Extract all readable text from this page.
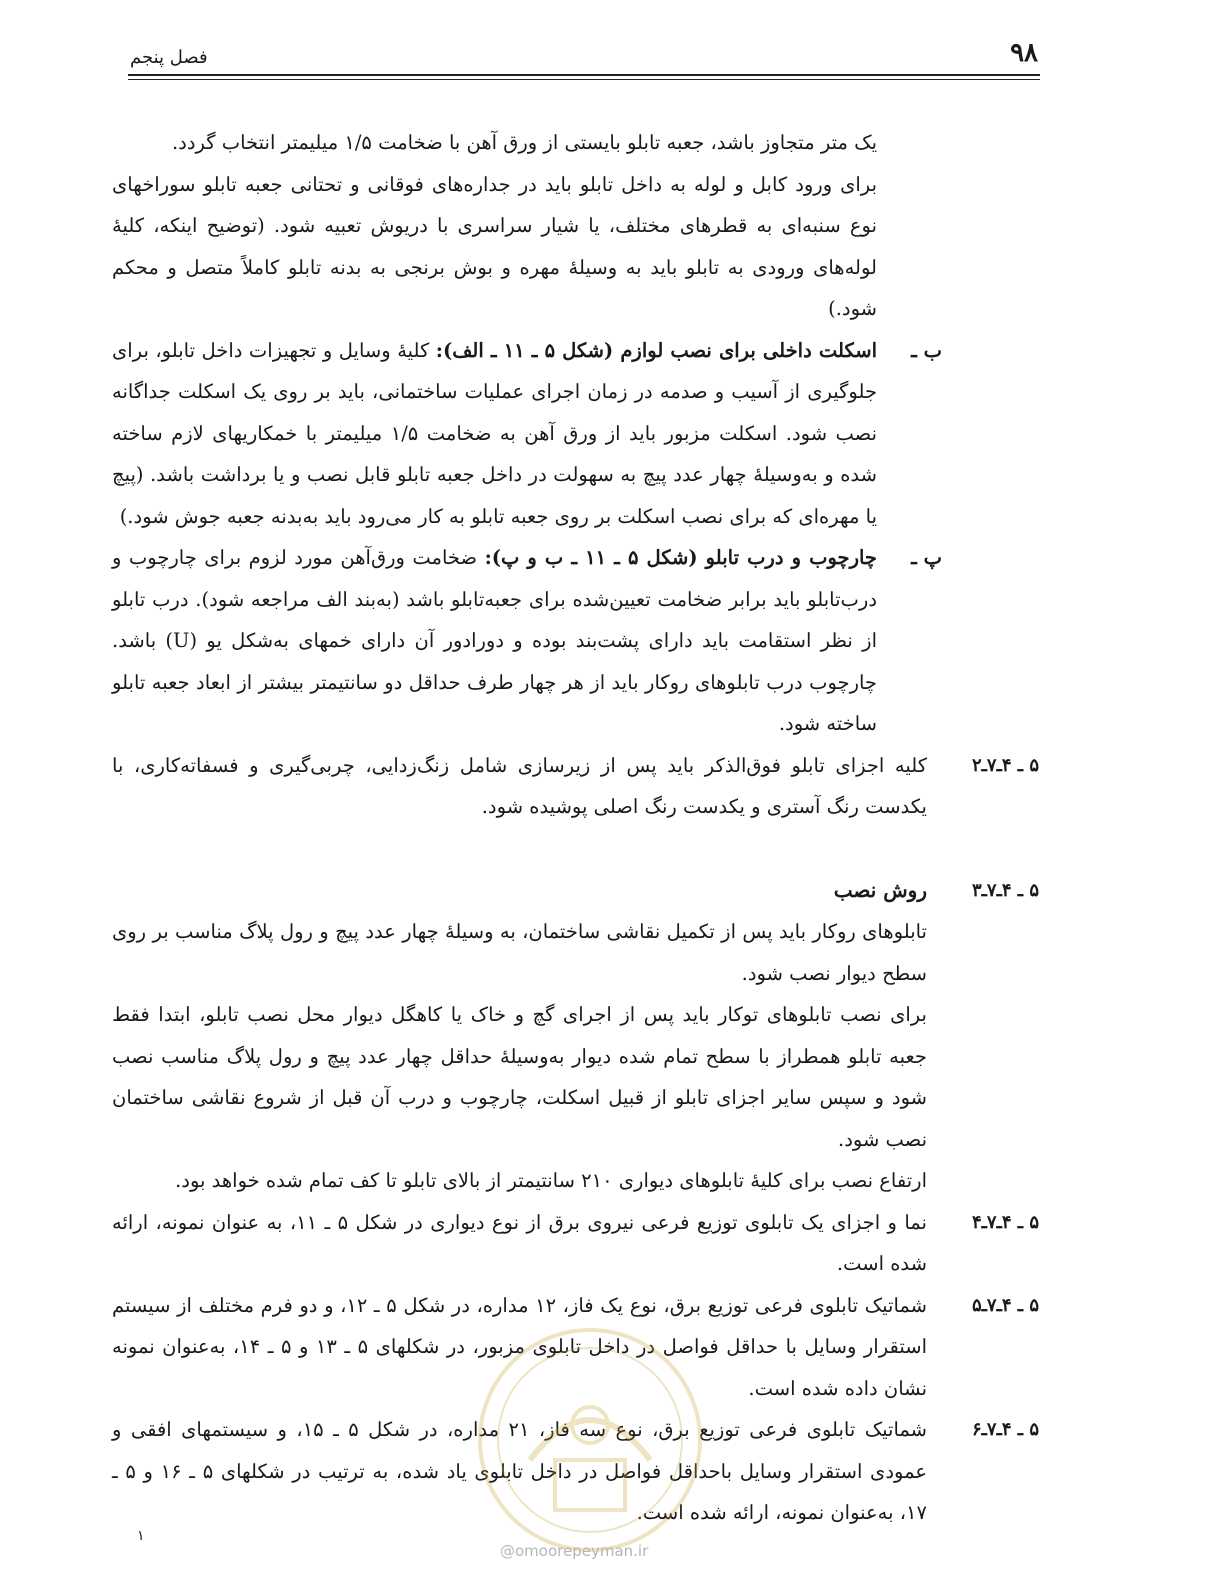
۹۸
فصل پنجم

یک متر متجاوز باشد، جعبه تابلو بایستی از ورق آهن با ضخامت ۱/۵ میلیمتر انتخاب گردد.

برای ورود کابل و لوله به داخل تابلو باید در جداره‌های فوقانی و تحتانی جعبه تابلو سوراخهای نوع سنبه‌ای به قطرهای مختلف، یا شیار سراسری با دریوش تعبیه شود. (توضیح اینکه، کلیهٔ لوله‌های ورودی به تابلو باید به وسیلهٔ مهره و بوش برنجی به بدنه تابلو کاملاً متصل و محکم شود.)

ب ـ

اسکلت داخلی برای نصب لوازم (شکل ۵ ـ ۱۱ ـ الف): کلیهٔ وسایل و تجهیزات داخل تابلو، برای جلوگیری از آسیب و صدمه در زمان اجرای عملیات ساختمانی، باید بر روی یک اسکلت جداگانه نصب شود. اسکلت مزبور باید از ورق آهن به ضخامت ۱/۵ میلیمتر با خمکاریهای لازم ساخته شده و به‌وسیلهٔ چهار عدد پیچ به سهولت در داخل جعبه تابلو قابل نصب و یا برداشت باشد. (پیچ یا مهره‌ای که برای نصب اسکلت بر روی جعبه تابلو به کار می‌رود باید به‌بدنه جعبه جوش شود.)

پ ـ

چارچوب و درب تابلو (شکل ۵ ـ ۱۱ ـ ب و پ): ضخامت ورق‌آهن مورد لزوم برای چارچوب و درب‌تابلو باید برابر ضخامت تعیین‌شده برای جعبه‌تابلو باشد (به‌بند الف مراجعه شود). درب تابلو از نظر استقامت باید دارای پشت‌بند بوده و دورادور آن دارای خمهای به‌شکل یو (U) باشد. چارچوب درب تابلوهای روکار باید از هر چهار طرف حداقل دو سانتیمتر بیشتر از ابعاد جعبه تابلو ساخته شود.

۵ ـ ۴ـ۷ـ۲

کلیه اجزای تابلو فوق‌الذکر باید پس از زیرسازی شامل زنگ‌زدایی، چربی‌گیری و فسفاته‌کاری، با یکدست رنگ آستری و یکدست رنگ اصلی پوشیده شود.

۵ ـ ۴ـ۷ـ۳

روش نصب

تابلوهای روکار باید پس از تکمیل نقاشی ساختمان، به وسیلهٔ چهار عدد پیچ و رول پلاگ مناسب بر روی سطح دیوار نصب شود.

برای نصب تابلوهای توکار باید پس از اجرای گچ و خاک یا کاهگل دیوار محل نصب تابلو، ابتدا فقط جعبه تابلو همطراز با سطح تمام شده دیوار به‌وسیلهٔ حداقل چهار عدد پیچ و رول پلاگ مناسب نصب شود و سپس سایر اجزای تابلو از قبیل اسکلت، چارچوب و درب آن قبل از شروع نقاشی ساختمان نصب شود.

ارتفاع نصب برای کلیهٔ تابلوهای دیواری ۲۱۰ سانتیمتر از بالای تابلو تا کف تمام شده خواهد بود.

۵ ـ ۴ـ۷ـ۴

نما و اجزای یک تابلوی توزیع فرعی نیروی برق از نوع دیواری در شکل ۵ ـ ۱۱، به عنوان نمونه، ارائه شده است.

۵ ـ ۴ـ۷ـ۵

شماتیک تابلوی فرعی توزیع برق، نوع یک فاز، ۱۲ مداره، در شکل ۵ ـ ۱۲، و دو فرم مختلف از سیستم استقرار وسایل با حداقل فواصل در داخل تابلوی مزبور، در شکلهای ۵ ـ ۱۳ و ۵ ـ ۱۴، به‌عنوان نمونه نشان داده شده است.

۵ ـ ۴ـ۷ـ۶

شماتیک تابلوی فرعی توزیع برق، نوع سه فاز، ۲۱ مداره، در شکل ۵ ـ ۱۵، و سیستمهای افقی و عمودی استقرار وسایل باحداقل فواصل در داخل تابلوی یاد شده، به ترتیب در شکلهای ۵ ـ ۱۶ و ۵ ـ ۱۷، به‌عنوان نمونه، ارائه شده است.

@omoorepeyman.ir
۱
